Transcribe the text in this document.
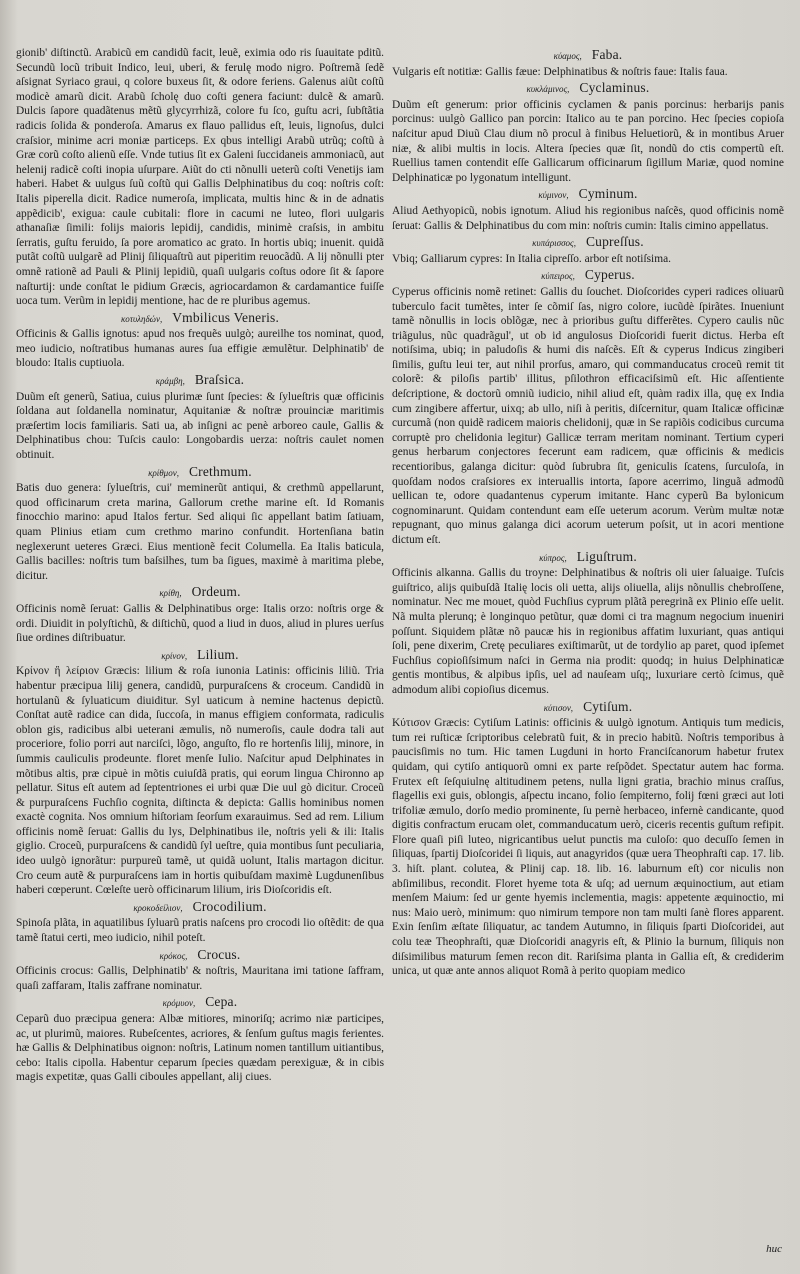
gionib' diſtinctũ. Arabicũ em candidũ facit, leuẽ, eximia odo ris ſuauitate pditũ. Secundũ locũ tribuit Indico, leui, uberi, & ferulę modo nigro. Poſtremã ſedẽ aſsignat Syriaco graui, q colore buxeus ſit, & odore feriens. Galenus aiũt coſtũ modicè amarũ dicit. Arabũ ſcholę duo coſti genera faciunt: dulcẽ & amarũ. Dulcis ſapore quadãtenus mẽtũ glycyrrhizã, colore fu ſco, guſtu acri, ſubſtãtia radicis ſolida & ponderoſa. Amarus ex flauo pallidus eſt, leuis, lignoſus, dulci craſsior, minime acri moniæ particeps. Ex qbus intelligi Arabũ utrũq; coſtũ à Græ corũ coſto alienũ eſſe. Vnde tutius ſit ex Galeni ſuccidaneis ammoniacũ, aut helenij radicẽ coſti inopia uſurpare. Aiũt do cti nõnulli ueterũ coſti Venetijs iam haberi. Habet & uulgus ſuũ coſtũ qui Gallis Delphinatibus du coq: noſtris coſt: Italis piperella dicit. Radice numeroſa, implicata, multis hinc & in de adnatis appẽdicib', exigua: caule cubitali: flore in cacumi ne luteo, flori uulgaris athanaſiæ ſimili: folijs maioris lepidij, candidis, minimè craſsis, in ambitu ſerratis, guſtu feruido, ſa pore aromatico ac grato. In hortis ubiq; inuenit. quidã putãt coſtũ uulgarẽ ad Plinij ſiliquaſtrũ aut piperitim reuocãdũ. A lij nõnulli pter omnẽ rationẽ ad Pauli & Plinij lepidiũ, quaſi uulgaris coſtus odore ſit & ſapore naſturtij: unde conſtat le pidium Græcis, agriocardamon & cardamantice fuiſſe uoca tum. Verũm in lepidij mentione, hac de re pluribus agemus.

κοτυληδών, Vmbilicus Veneris.

Officinis & Gallis ignotus: apud nos frequẽs uulgò; aureilhe tos nominat, quod, meo iudicio, noſtratibus humanas aures ſua effigie æmulẽtur. Delphinatib' de bloudo: Italis cuptiuola.

κράμβη, Braſsica.

Duũm eſt generũ, Satiua, cuius plurimæ ſunt ſpecies: & ſylueſtris quæ officinis ſoldana aut ſoldanella nominatur, Aquitaniæ & noſtræ prouinciæ maritimis præſertim locis familiaris. Sati ua, ab inſigni ac penè arboreo caule, Gallis & Delphinatibus chou: Tuſcis caulo: Longobardis uerza: noſtris caulet nomen obtinuit.

κρίθμον, Crethmum.

Batis duo genera: ſylueſtris, cui' meminerũt antiqui, & crethmũ appellarunt, quod officinarum creta marina, Gallorum crethe marine eſt. Id Romanis finocchio marino: apud Italos fertur. Sed aliqui ſic appellant batim ſatiuam, quam Plinius etiam cum crethmo marino confundit. Hortenſiana batin neglexerunt ueteres Græci. Eius mentionẽ fecit Columella. Ea Italis baticula, Gallis bacilles: noſtris tum baſsilhes, tum ba ſigues, maximè à maritima plebe, dicitur.

κρίθη, Ordeum.

Officinis nomẽ ſeruat: Gallis & Delphinatibus orge: Italis orzo: noſtris orge & ordi. Diuidit in polyſtichũ, & diſtichũ, quod a liud in duos, aliud in plures uerſus ſiue ordines diſtribuatur.

κρίνον, Lilium.

Κρίνον ἢ λείριον Græcis: lilium & roſa iunonia Latinis: officinis liliũ. Tria habentur præcipua lilij genera, candidũ, purpuraſcens & croceum. Candidũ in hortulanũ & ſyluaticum diuiditur. Syl uaticum à nemine hactenus depictũ. Conſtat autẽ radice can dida, ſuccoſa, in manus effigiem conformata, radiculis oblon gis, radicibus albi ueterani æmulis, nõ numeroſis, caule dodra tali aut proceriore, folio porri aut narciſci, lõgo, anguſto, flo re hortenſis lilij, minore, in ſummis cauliculis prodeunte. floret menſe Iulio. Naſcitur apud Delphinates in mõtibus altis, præ cipuè in mõtis cuiuſdã pratis, qui eorum lingua Chironno ap pellatur. Situs eſt autem ad ſeptentriones ei urbi quæ Die uul gò dicitur. Croceũ & purpuraſcens Fuchſio cognita, diſtincta & depicta: Gallis hominibus nomen exactè cognita. Nos omnium hiſtoriam ſeorſum exarauimus. Sed ad rem. Lilium officinis nomẽ ſeruat: Gallis du lys, Delphinatibus ile, noſtris yeli & ili: Italis giglio. Croceũ, purpuraſcens & candidũ ſyl ueſtre, quia montibus ſunt peculiaria, ideo uulgò ignorãtur: purpureũ tamẽ, ut quidã uolunt, Italis martagon dicitur. Cro ceum autẽ & purpuraſcens iam in hortis quibuſdam maximè Lugdunenſibus haberi cœperunt. Cœleſte uerò officinarum lilium, iris Dioſcoridis eſt.

κροκοδείλιον, Crocodilium.

Spinoſa plãta, in aquatilibus ſyluarũ pratis naſcens pro crocodi lio oſtẽdit: de qua tamẽ ſtatui certi, meo iudicio, nihil poteſt.

κρόκος, Crocus.

Officinis crocus: Gallis, Delphinatib' & noſtris, Mauritana imi tatione ſaffram, quaſi zaffaram, Italis zaffrane nominatur.

κρόμυον, Cepa.

Ceparũ duo præcipua genera: Albæ mitiores, minoriſq; acrimo niæ participes, ac, ut plurimũ, maiores. Rubeſcentes, acriores, & ſenſum guſtus magis ferientes. hæ Gallis & Delphinatibus oignon: noſtris, Latinum nomen tantillum uitiantibus, cebo: Italis cipolla. Habentur ceparum ſpecies quædam perexiguæ, & in cibis magis expetitæ, quas Galli ciboules appellant, alij ciues.

κύαμος, Faba.

Vulgaris eſt notitiæ: Gallis fæue: Delphinatibus & noſtris faue: Italis faua.

κυκλάμινος, Cyclaminus.

Duũm eſt generum: prior officinis cyclamen & panis porcinus: herbarijs panis porcinus: uulgò Gallico pan porcin: Italico au te pan porcino. Hec ſpecies copioſa naſcitur apud Diuũ Clau dium nõ procul à finibus Heluetiorũ, & in montibus Aruer niæ, & alibi multis in locis. Altera ſpecies quæ ſit, nondũ do ctis compertũ eſt. Ruellius tamen contendit eſſe Gallicarum officinarum ſigillum Mariæ, quod nomine Delphinaticæ po lygonatum intelligunt.

κύμινον, Cyminum.

Aliud Aethyopicũ, nobis ignotum. Aliud his regionibus naſcẽs, quod officinis nomẽ ſeruat: Gallis & Delphinatibus du com min: noſtris cumin: Italis cimino appellatus.

κυπάρισσος, Cupreſſus.

Vbiq; Galliarum cypres: In Italia cipreſſo. arbor eſt notiſsima.

κύπειρος, Cyperus.

Cyperus officinis nomẽ retinet: Gallis du ſouchet. Dioſcorides cyperi radices oliuarũ tuberculo facit tumẽtes, inter ſe cõmiſ ſas, nigro colore, iucũdè ſpirãtes. Inueniunt tamẽ nõnullis in locis oblõgæ, nec à prioribus guſtu differẽtes. Cypero caulis nũc triãgulus, nũc quadrãgul', ut ob id angulosus Dioſcoridi fuerit dictus. Herba eſt notiſsima, ubiq; in paludoſis & humi dis naſcẽs. Eſt & cyperus Indicus zingiberi ſimilis, guſtu leui ter, aut nihil prorſus, amaro, qui commanducatus croceũ remit tit colorẽ: & piloſis partib' illitus, pſilothron efficaciſsimũ eſt. Hic aſſentiente deſcriptione, & doctorũ omniũ iudicio, nihil aliud eſt, quàm radix illa, quę ex India cum zingibere affertur, uixq; ab ullo, niſi à peritis, diſcernitur, quam Italicæ officinæ curcumã (non quidẽ radicem maioris chelidonij, quæ in Se rapiõis codicibus curcuma corruptè pro chelidonia legitur) Gallicæ terram meritam nominant. Tertium cyperi genus herbarum conjectores fecerunt eam radicem, quæ officinis & medicis recentioribus, galanga dicitur: quòd ſubrubra ſit, geniculis ſcatens, ſurculoſa, in quoſdam nodos craſsiores ex interuallis intorta, ſapore acerrimo, linguã admodũ uellican te, odore quadantenus cyperum imitante. Hanc cyperũ Ba bylonicum cognominarunt. Quidam contendunt eam eſſe ueterum acorum. Verùm multæ notæ repugnant, quo minus galanga dici acorum ueterum poſsit, ut in acori mentione dictum eſt.

κύπρος, Liguſtrum.

Officinis alkanna. Gallis du troyne: Delphinatibus & noſtris oli uier ſaluaige. Tuſcis guiſtrico, alijs quibuſdã Italię locis oli uetta, alijs oliuella, alijs nõnullis chebroſſene, nominatur. Nec me mouet, quòd Fuchſius cyprum plãtã peregrinã ex Plinio eſſe uelit. Nã multa plerunq; è longinquo petũtur, quæ domi ci tra magnum negocium inueniri poſſunt. Siquidem plãtæ nõ paucæ his in regionibus affatim luxuriant, quas antiqui ſoli, pene dixerim, Cretę peculiares exiſtimarũt, ut de tordylio ap paret, quod ipſemet Fuchſius copioſiſsimum naſci in Germa nia prodit: quodq; in huius Delphinaticæ gentis montibus, & alpibus ipſis, uel ad nauſeam uſq;, luxuriare certò ſcimus, quẽ admodum alibi copioſius dicemus.

κύτισον, Cytiſum.

Κύτισον Græcis: Cytiſum Latinis: officinis & uulgò ignotum. Antiquis tum medicis, tum rei ruſticæ ſcriptoribus celebratũ fuit, & in precio habitũ. Noſtris temporibus à paucisſimis no tum. Hic tamen Lugduni in horto Franciſcanorum habetur frutex quidam, qui cytiſo antiquorũ omni ex parte reſpõdet. Spectatur autem hac forma. Frutex eſt ſeſquiulnę altitudinem petens, nulla ligni gratia, brachio minus craſſus, flagellis exi guis, oblongis, aſpectu incano, folio ſempiterno, folij fœni græci aut loti trifoliæ æmulo, dorſo medio prominente, ſu pernè herbaceo, infernè candicante, quod digitis confractum erucam olet, commanducatum uerò, ciceris recentis guſtum refipit. Flore quaſi piſi luteo, nigricantibus uelut punctis ma culoſo: quo decuſſo ſemen in ſiliquas, ſpartij Dioſcoridei ſi liquis, aut anagyridos (quæ uera Theophraſti cap. 17. lib. 3. hiſt. plant. colutea, & Plinij cap. 18. lib. 16. laburnum eſt) cor niculis non abſimilibus, recondit. Floret hyeme tota & uſq; ad uernum æquinoctium, aut etiam menſem Maium: ſed ur gente hyemis inclementia, magis: appetente æquinoctio, mi nus: Maio uerò, minimum: quo nimirum tempore non tam multi ſanè flores apparent. Exin ſenſim æſtate ſiliquatur, ac tandem Autumno, in ſiliquis ſparti Dioſcoridei, aut colu teæ Theophraſti, quæ Dioſcoridi anagyris eſt, & Plinio la burnum, ſiliquis non diſsimilibus maturum ſemen recon dit. Rariſsima planta in Gallia eſt, & crediderim unica, ut quæ ante annos aliquot Romã à perito quopiam medico

huc
